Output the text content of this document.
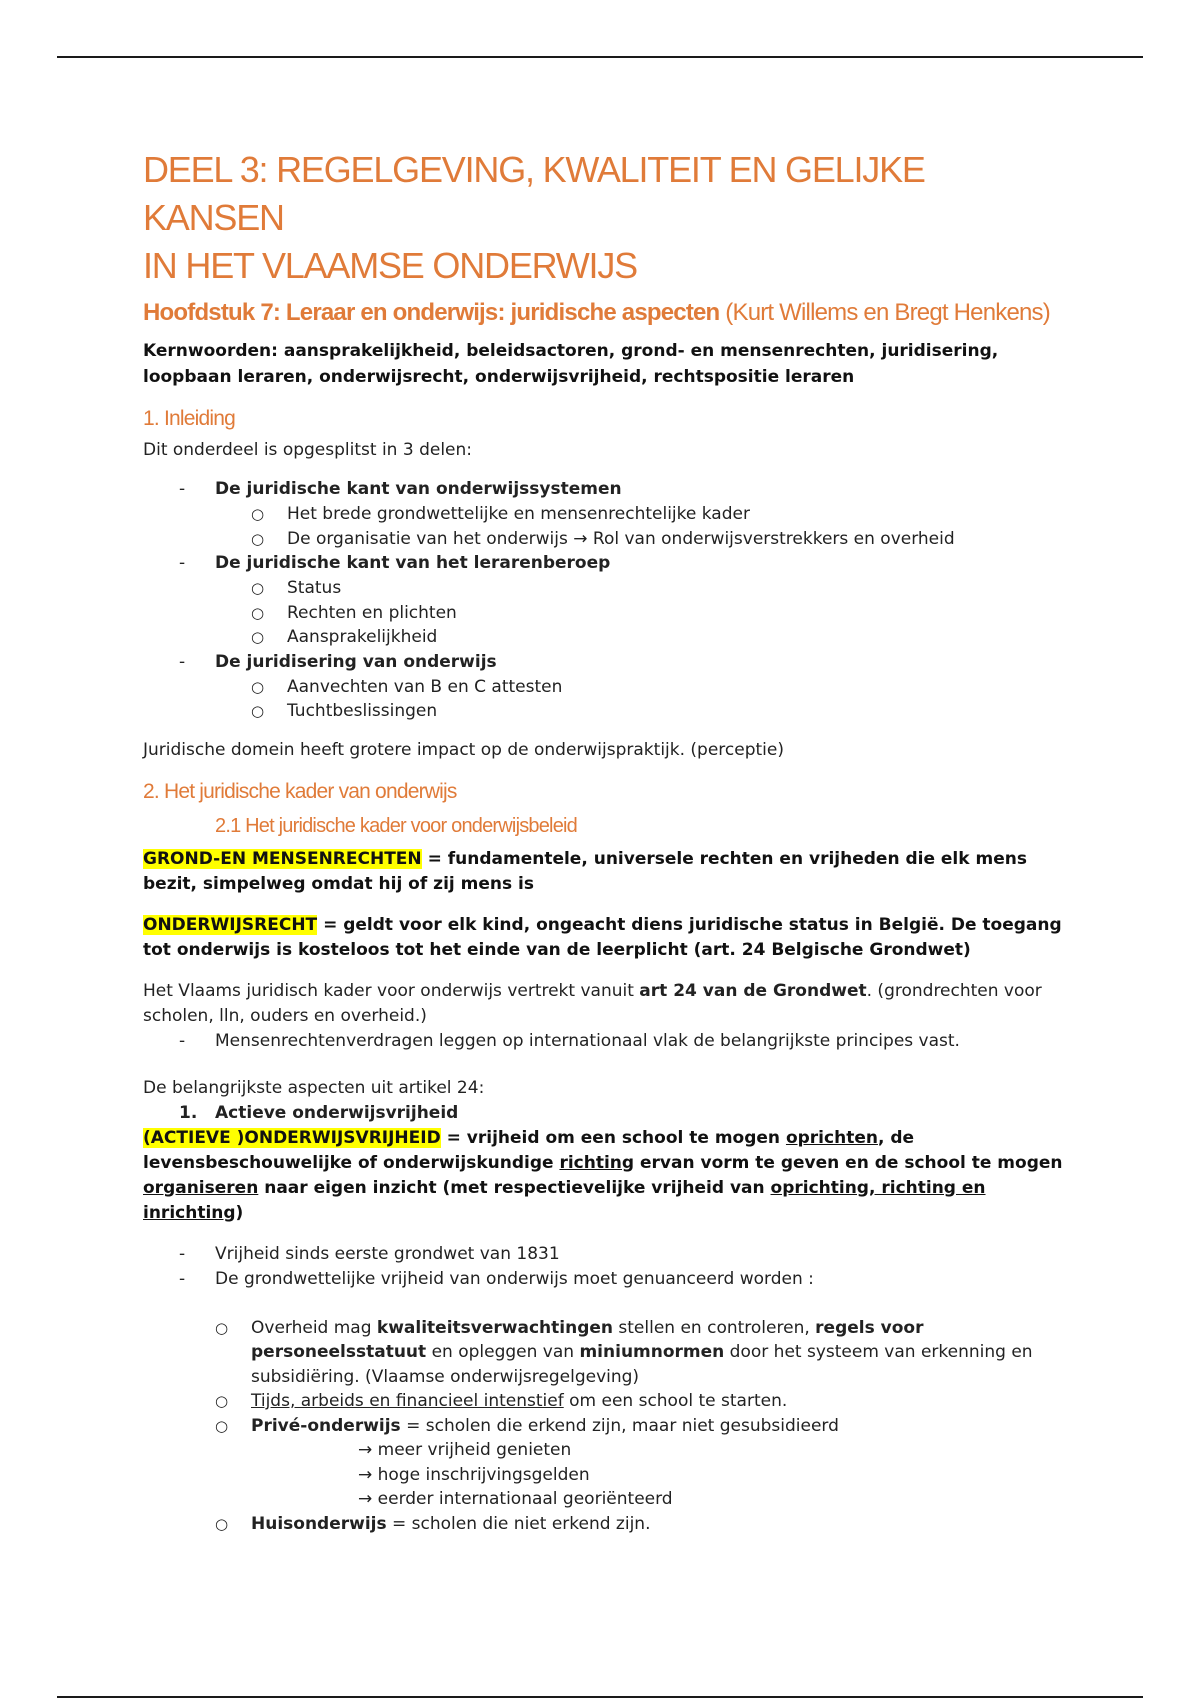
DEEL 3: REGELGEVING, KWALITEIT EN GELIJKE KANSEN
IN HET VLAAMSE ONDERWIJS
Hoofdstuk 7: Leraar en onderwijs: juridische aspecten (Kurt Willems en Bregt Henkens)
Kernwoorden: aansprakelijkheid, beleidsactoren, grond- en mensenrechten, juridisering, loopbaan leraren, onderwijsrecht, onderwijsvrijheid, rechtspositie leraren
1. Inleiding

Dit onderdeel is opgesplitst in 3 delen:

- De juridische kant van onderwijssystemen
○ Het brede grondwettelijke en mensenrechtelijke kader
○ De organisatie van het onderwijs → Rol van onderwijsverstrekkers en overheid
- De juridische kant van het lerarenberoep
○ Status
○ Rechten en plichten
○ Aansprakelijkheid
- De juridisering van onderwijs
○ Aanvechten van B en C attesten
○ Tuchtbeslissingen

Juridische domein heeft grotere impact op de onderwijspraktijk. (perceptie)

2. Het juridische kader van onderwijs
2.1 Het juridische kader voor onderwijsbeleid

GROND-EN MENSENRECHTEN = fundamentele, universele rechten en vrijheden die elk mens bezit, simpelweg omdat hij of zij mens is

ONDERWIJSRECHT = geldt voor elk kind, ongeacht diens juridische status in België. De toegang tot onderwijs is kosteloos tot het einde van de leerplicht (art. 24 Belgische Grondwet)

Het Vlaams juridisch kader voor onderwijs vertrekt vanuit art 24 van de Grondwet. (grondrechten voor scholen, lln, ouders en overheid.)

- Mensenrechtenverdragen leggen op internationaal vlak de belangrijkste principes vast.

De belangrijkste aspecten uit artikel 24:

1. Actieve onderwijsvrijheid

(ACTIEVE )ONDERWIJSVRIJHEID = vrijheid om een school te mogen oprichten, de levensbeschouwelijke of onderwijskundige richting ervan vorm te geven en de school te mogen organiseren naar eigen inzicht (met respectievelijke vrijheid van oprichting, richting en inrichting)

- Vrijheid sinds eerste grondwet van 1831
- De grondwettelijke vrijheid van onderwijs moet genuanceerd worden :
○ Overheid mag kwaliteitsverwachtingen stellen en controleren, regels voor personeelsstatuut en opleggen van miniumnormen door het systeem van erkenning en subsidiëring. (Vlaamse onderwijsregelgeving)
○ Tijds, arbeids en financieel intenstief om een school te starten.
○ Privé-onderwijs = scholen die erkend zijn, maar niet gesubsidieerd
→ meer vrijheid genieten
→ hoge inschrijvingsgelden
→ eerder internationaal georiënteerd
○ Huisonderwijs = scholen die niet erkend zijn.
